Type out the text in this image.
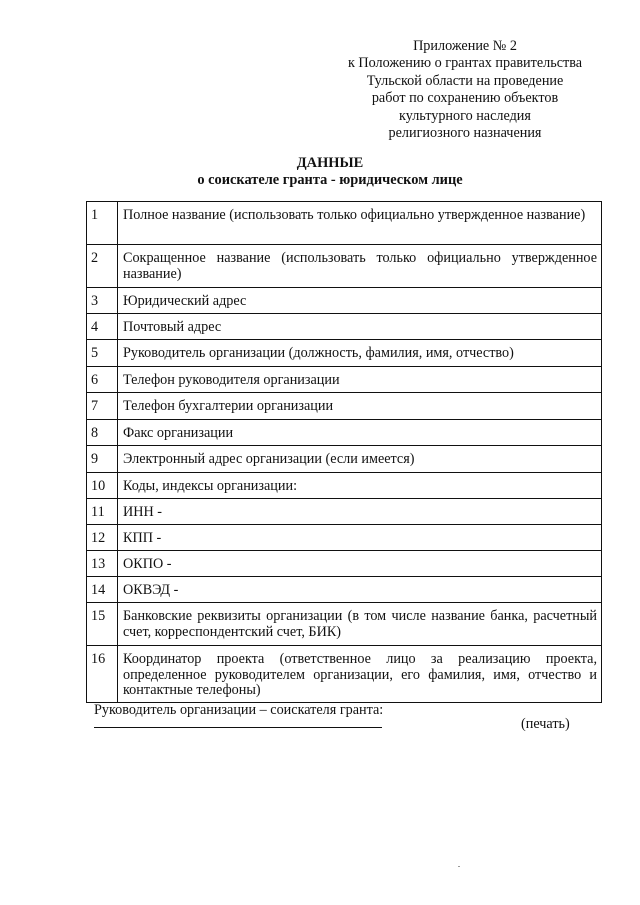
Приложение № 2
к Положению о грантах правительства
Тульской области на проведение
работ по сохранению объектов
культурного наследия
религиозного назначения
ДАННЫЕ
о соискателе гранта - юридическом лице
1	Полное название (использовать только официально утвержденное название)
2	Сокращенное название (использовать только официально утвержденное название)
3	Юридический адрес
4	Почтовый адрес
5	Руководитель организации (должность, фамилия, имя, отчество)
6	Телефон руководителя организации
7	Телефон бухгалтерии организации
8	Факс организации
9	Электронный адрес организации (если имеется)
10	Коды, индексы организации:
11	ИНН -
12	КПП -
13	ОКПО -
14	ОКВЭД -
15	Банковские реквизиты организации (в том числе название банка, расчетный счет, корреспондентский счет, БИК)
16	Координатор проекта (ответственное лицо за реализацию проекта, определенное руководителем организации, его фамилия, имя, отчество и контактные телефоны)
Руководитель организации – соискателя гранта:
(печать)
